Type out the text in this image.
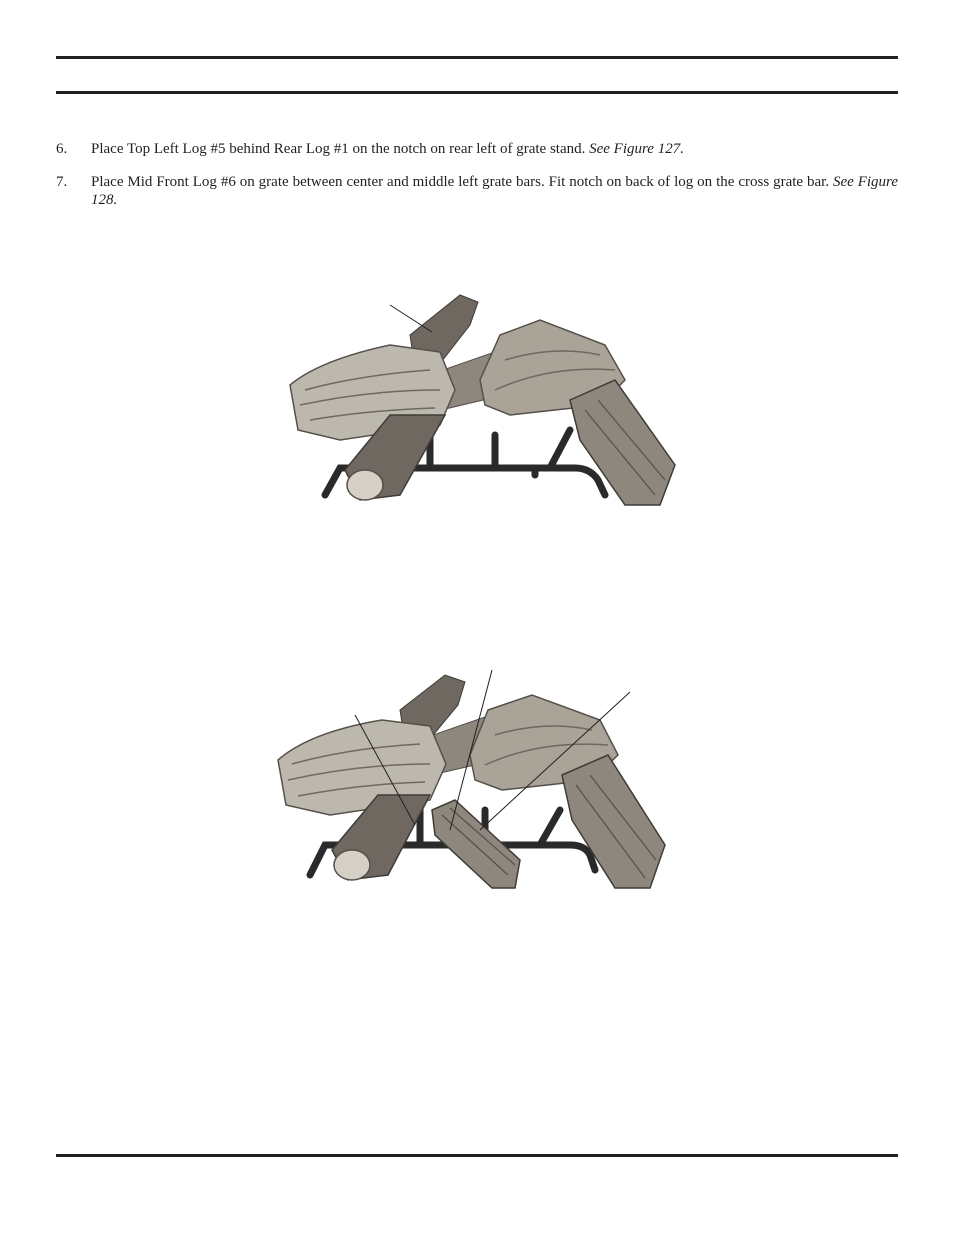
6. Place Top Left Log #5 behind Rear Log #1 on the notch on rear left of grate stand. See Figure 127.

7. Place Mid Front Log #6 on grate between center and middle left grate bars. Fit notch on back of log on the cross grate bar. See Figure 128.
